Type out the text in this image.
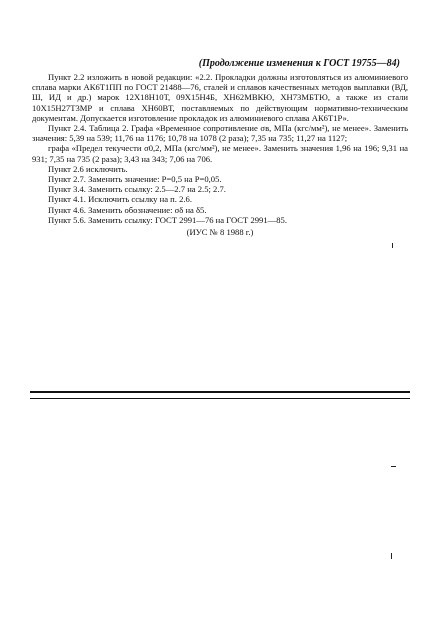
(Продолжение изменения к ГОСТ 19755—84)

Пункт 2.2 изложить в новой редакции: «2.2. Прокладки должны изготовляться из алюминиевого сплава марки АК6Т1ПП по ГОСТ 21488—76, сталей и сплавов качественных методов выплавки (ВД, Ш, ИД и др.) марок 12Х18Н10Т, 09Х15Н4Б, ХН62МВКЮ, ХН73МБТЮ, а также из стали 10Х15Н27Т3МР и сплава ХН60ВТ, поставляемых по действующим нормативно-техническим документам. Допускается изготовление прокладок из алюминиевого сплава АК6Т1Р».

Пункт 2.4. Таблица 2. Графа «Временное сопротивление σв, МПа (кгс/мм²), не менее». Заменить значения: 5,39 на 539; 11,76 на 1176; 10,78 на 1078 (2 раза); 7,35 на 735; 11,27 на 1127;

графа «Предел текучести σ0,2, МПа (кгс/мм²), не менее». Заменить значения 1,96 на 196; 9,31 на 931; 7,35 на 735 (2 раза); 3,43 на 343; 7,06 на 706.

Пункт 2.6 исключить.

Пункт 2.7. Заменить значение: Р=0,5 на Р=0,05.

Пункт 3.4. Заменить ссылку: 2.5—2.7 на 2.5; 2.7.

Пункт 4.1. Исключить ссылку на п. 2.6.

Пункт 4.6. Заменить обозначение: σδ на δ5.

Пункт 5.6. Заменить ссылку: ГОСТ 2991—76 на ГОСТ 2991—85.

(ИУС № 8 1988 г.)
